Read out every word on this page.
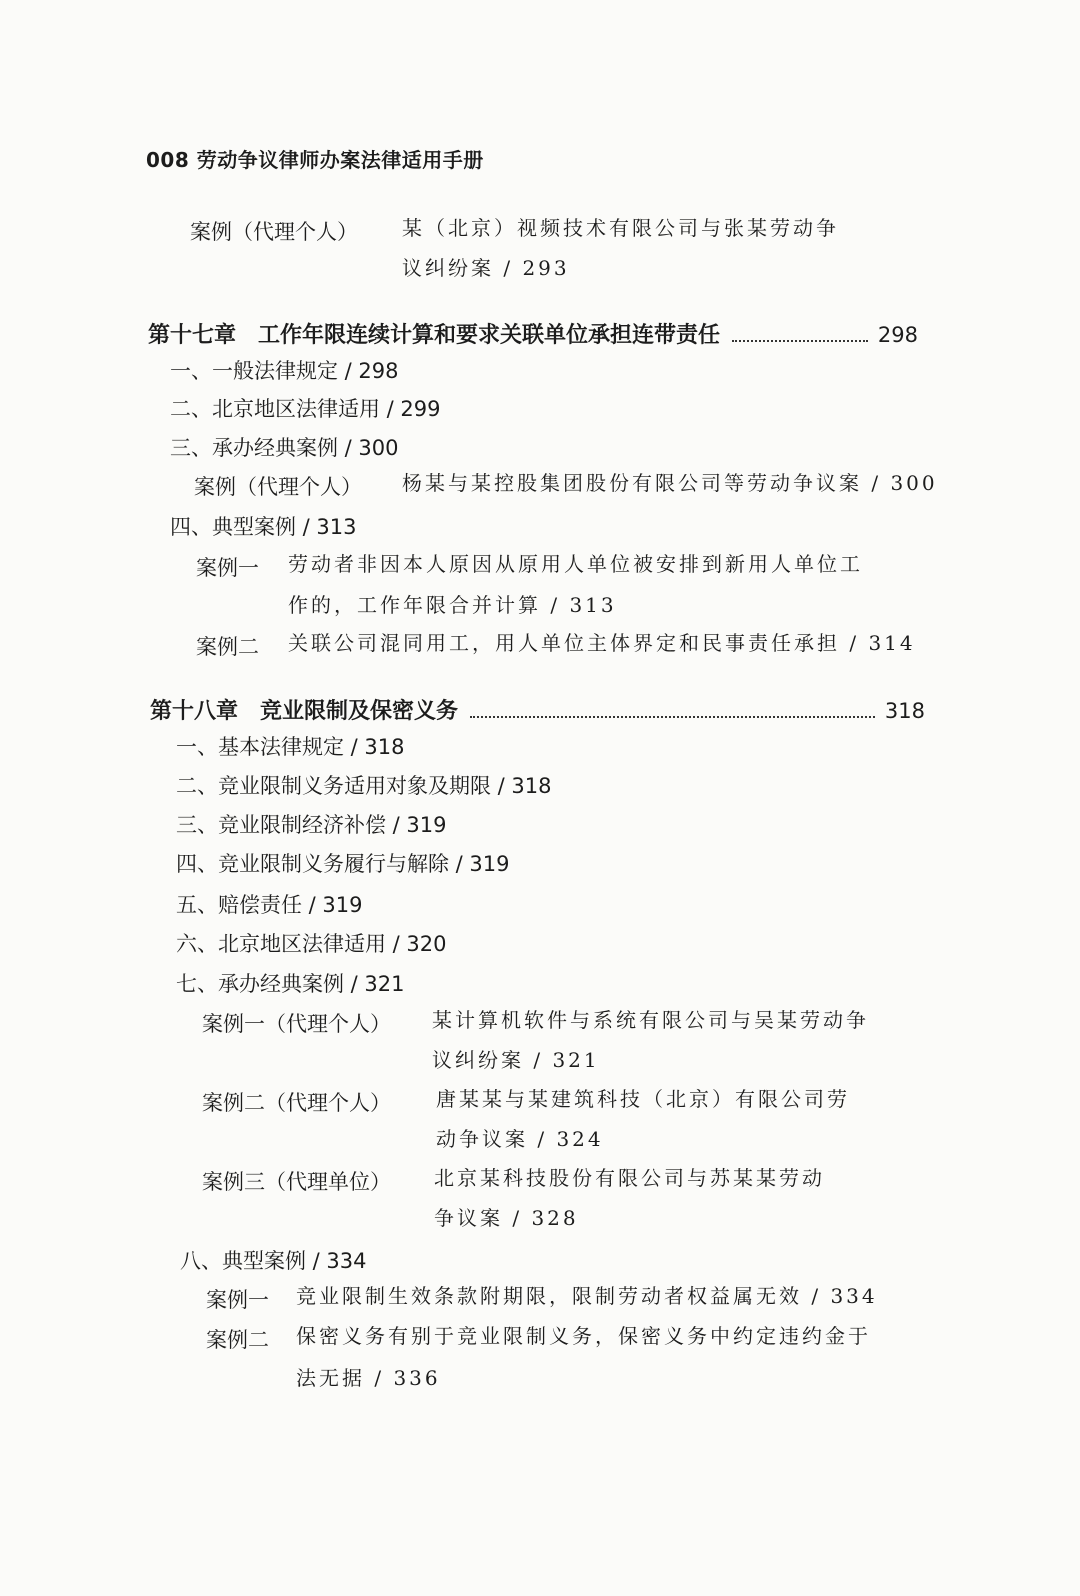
008 劳动争议律师办案法律适用手册
案例（代理个人） 某（北京）视频技术有限公司与张某劳动争
议纠纷案 / 293
第十七章　工作年限连续计算和要求关联单位承担连带责任	298
一、一般法律规定 / 298
二、北京地区法律适用 / 299
三、承办经典案例 / 300
案例（代理个人） 杨某与某控股集团股份有限公司等劳动争议案 / 300
四、典型案例 / 313
案例一 劳动者非因本人原因从原用人单位被安排到新用人单位工
作的，工作年限合并计算 / 313
案例二 关联公司混同用工，用人单位主体界定和民事责任承担 / 314
第十八章　竞业限制及保密义务	318
一、基本法律规定 / 318
二、竞业限制义务适用对象及期限 / 318
三、竞业限制经济补偿 / 319
四、竞业限制义务履行与解除 / 319
五、赔偿责任 / 319
六、北京地区法律适用 / 320
七、承办经典案例 / 321
案例一（代理个人） 某计算机软件与系统有限公司与吴某劳动争
议纠纷案 / 321
案例二（代理个人） 唐某某与某建筑科技（北京）有限公司劳
动争议案 / 324
案例三（代理单位） 北京某科技股份有限公司与苏某某劳动
争议案 / 328
八、典型案例 / 334
案例一 竞业限制生效条款附期限，限制劳动者权益属无效 / 334
案例二 保密义务有别于竞业限制义务，保密义务中约定违约金于
法无据 / 336
